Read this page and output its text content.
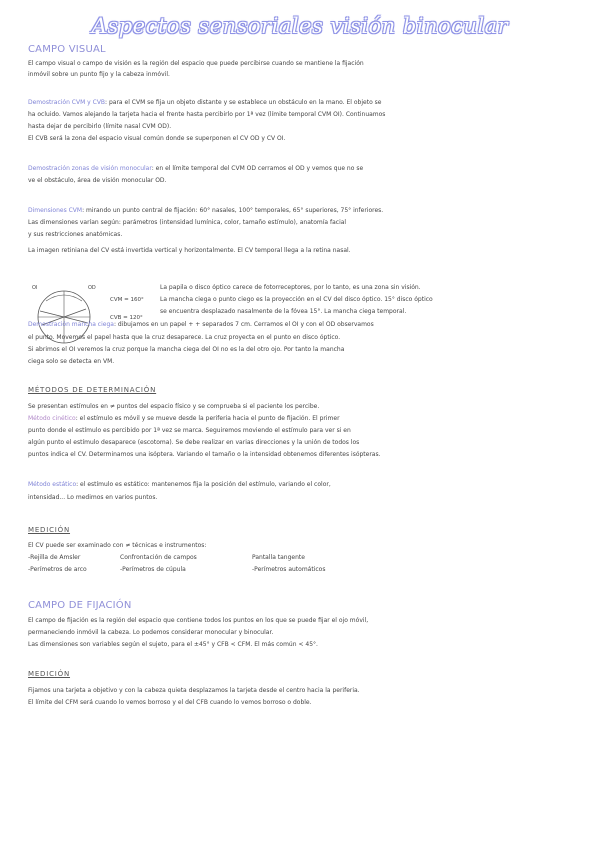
Aspectos sensoriales visión binocular
CAMPO VISUAL
El campo visual o campo de visión es la región del espacio que puede percibirse cuando se mantiene la fijación
inmóvil sobre un punto fijo y la cabeza inmóvil.
Demostración CVM y CVB: para el CVM se fija un objeto distante y se establece un obstáculo en la mano. El objeto se
ha ocluido. Vamos alejando la tarjeta hacia el frente hasta percibirlo por 1ª vez (límite temporal CVM OI). Continuamos
hasta dejar de percibirlo (límite nasal CVM OD).
El CVB será la zona del espacio visual común donde se superponen el CV OD y CV OI.
Demostración zonas de visión monocular: en el límite temporal del CVM OD cerramos el OD y vemos que no se
ve el obstáculo, área de visión monocular OD.
Dimensiones CVM: mirando un punto central de fijación: 60° nasales, 100° temporales, 65° superiores, 75° inferiores.
Las dimensiones varían según: parámetros (intensidad lumínica, color, tamaño estímulo), anatomía facial
y sus restricciones anatómicas.
La imagen retiniana del CV está invertida vertical y horizontalmente. El CV temporal llega a la retina nasal.
OI	OD
CVM = 160°
CVB = 120°
La papila o disco óptico carece de fotorreceptores, por lo tanto, es una zona sin visión.
La mancha ciega o punto ciego es la proyección en el CV del disco óptico. 15° disco óptico
se encuentra desplazado nasalmente de la fóvea 15°. La mancha ciega temporal.
Demostración mancha ciega: dibujamos en un papel + + separados 7 cm. Cerramos el OI y con el OD observamos
el punto. Movemos el papel hasta que la cruz desaparece. La cruz proyecta en el punto en disco óptico.
Si abrimos el OI veremos la cruz porque la mancha ciega del OI no es la del otro ojo. Por tanto la mancha
ciega solo se detecta en VM.
MÉTODOS DE DETERMINACIÓN
Se presentan estímulos en ≠ puntos del espacio físico y se comprueba si el paciente los percibe.
Método cinético: el estímulo es móvil y se mueve desde la periferia hacia el punto de fijación. El primer
punto donde el estímulo es percibido por 1ª vez se marca. Seguiremos moviendo el estímulo para ver si en
algún punto el estímulo desaparece (escotoma). Se debe realizar en varias direcciones y la unión de todos los
puntos indica el CV. Determinamos una isóptera. Variando el tamaño o la intensidad obtenemos diferentes isópteras.
Método estático: el estímulo es estático: mantenemos fija la posición del estímulo, variando el color,
intensidad... Lo medimos en varios puntos.
MEDICIÓN
El CV puede ser examinado con ≠ técnicas e instrumentos:
-Rejilla de Amsler	Confrontación de campos	Pantalla tangente
-Perímetros de arco	-Perímetros de cúpula	-Perímetros automáticos
CAMPO DE FIJACIÓN
El campo de fijación es la región del espacio que contiene todos los puntos en los que se puede fijar el ojo móvil,
permaneciendo inmóvil la cabeza. Lo podemos considerar monocular y binocular.
Las dimensiones son variables según el sujeto, para el ±45° y CFB < CFM. El más común < 45°.
MEDICIÓN
Fijamos una tarjeta a objetivo y con la cabeza quieta desplazamos la tarjeta desde el centro hacia la periferia.
El límite del CFM será cuando lo vemos borroso y el del CFB cuando lo vemos borroso o doble.
